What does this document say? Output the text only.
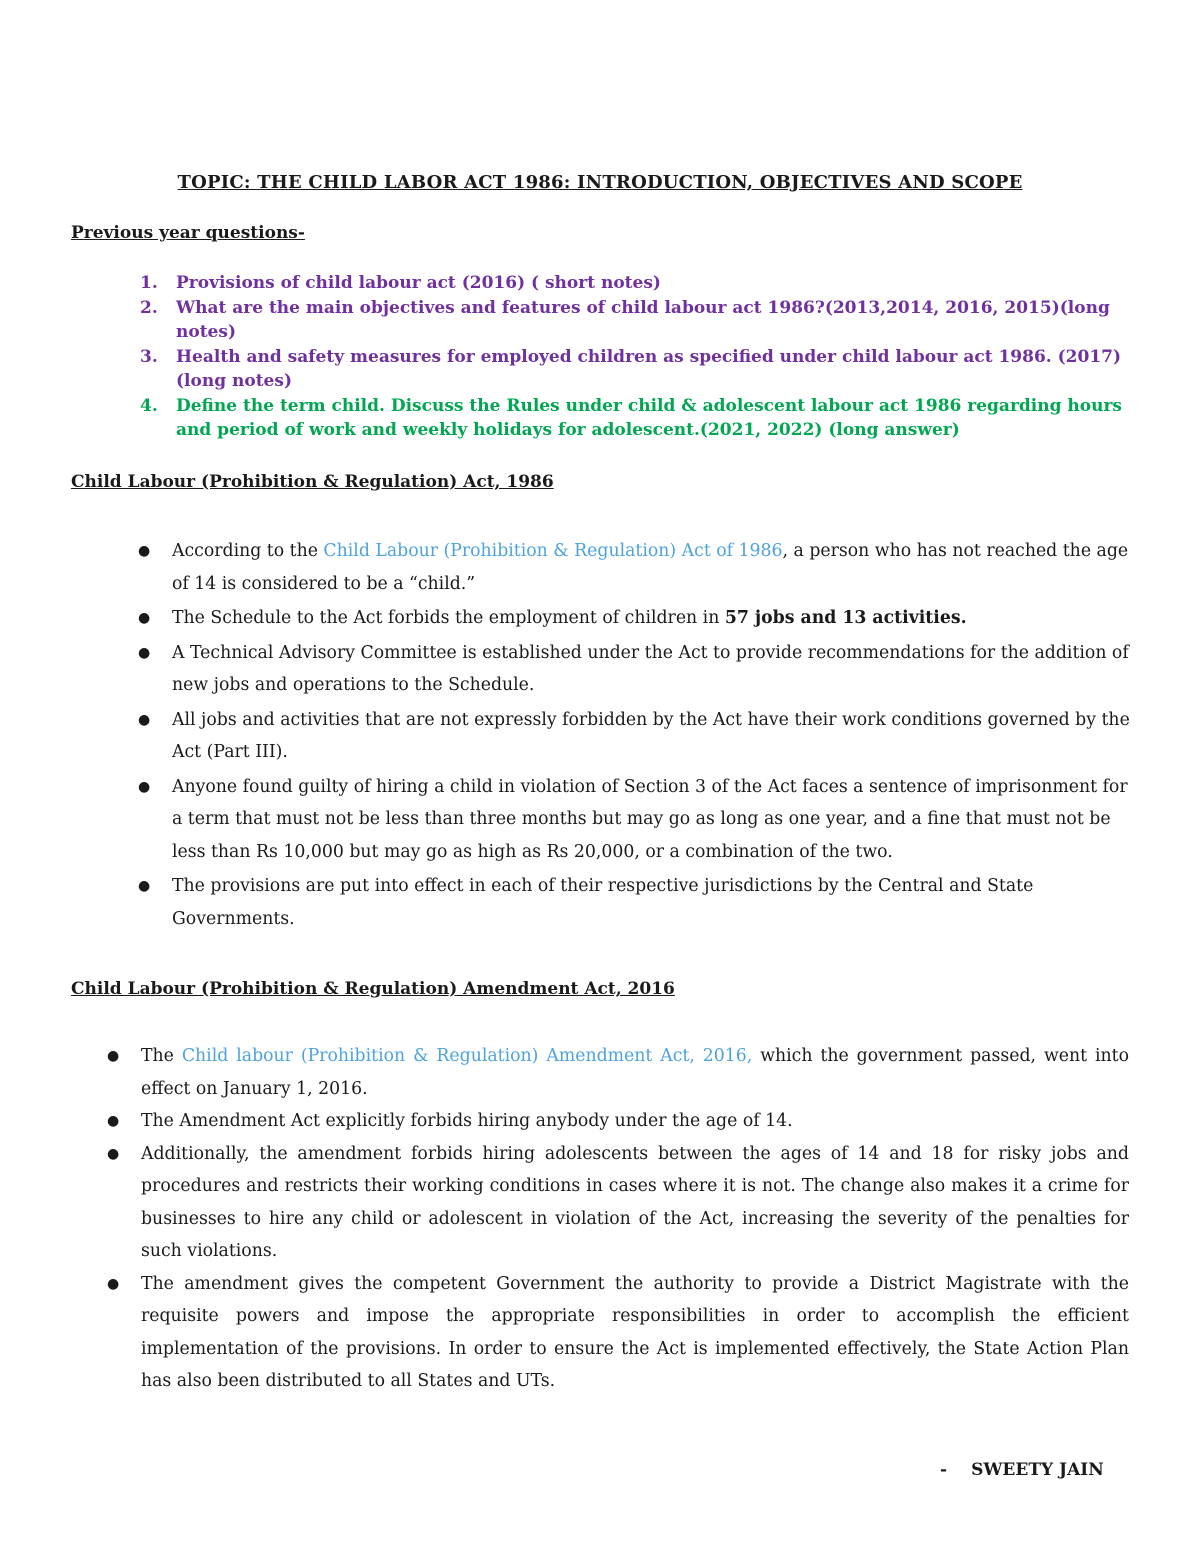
TOPIC: THE CHILD LABOR ACT 1986: INTRODUCTION, OBJECTIVES AND SCOPE
Previous year questions-
1. Provisions of child labour act (2016) ( short notes)
2. What are the main objectives and features of child labour act 1986?(2013,2014, 2016, 2015)(long notes)
3. Health and safety measures for employed children as specified under child labour act 1986. (2017)(long notes)
4. Define the term child. Discuss the Rules under child & adolescent labour act 1986 regarding hours and period of work and weekly holidays for adolescent.(2021, 2022) (long answer)
Child Labour (Prohibition & Regulation) Act, 1986
● According to the Child Labour (Prohibition & Regulation) Act of 1986, a person who has not reached the age of 14 is considered to be a “child.”
● The Schedule to the Act forbids the employment of children in 57 jobs and 13 activities.
● A Technical Advisory Committee is established under the Act to provide recommendations for the addition of new jobs and operations to the Schedule.
● All jobs and activities that are not expressly forbidden by the Act have their work conditions governed by the Act (Part III).
● Anyone found guilty of hiring a child in violation of Section 3 of the Act faces a sentence of imprisonment for a term that must not be less than three months but may go as long as one year, and a fine that must not be less than Rs 10,000 but may go as high as Rs 20,000, or a combination of the two.
● The provisions are put into effect in each of their respective jurisdictions by the Central and State Governments.
Child Labour (Prohibition & Regulation) Amendment Act, 2016
● The Child labour (Prohibition & Regulation) Amendment Act, 2016, which the government passed, went into effect on January 1, 2016.
● The Amendment Act explicitly forbids hiring anybody under the age of 14.
● Additionally, the amendment forbids hiring adolescents between the ages of 14 and 18 for risky jobs and procedures and restricts their working conditions in cases where it is not. The change also makes it a crime for businesses to hire any child or adolescent in violation of the Act, increasing the severity of the penalties for such violations.
● The amendment gives the competent Government the authority to provide a District Magistrate with the requisite powers and impose the appropriate responsibilities in order to accomplish the efficient implementation of the provisions. In order to ensure the Act is implemented effectively, the State Action Plan has also been distributed to all States and UTs.
- SWEETY JAIN
